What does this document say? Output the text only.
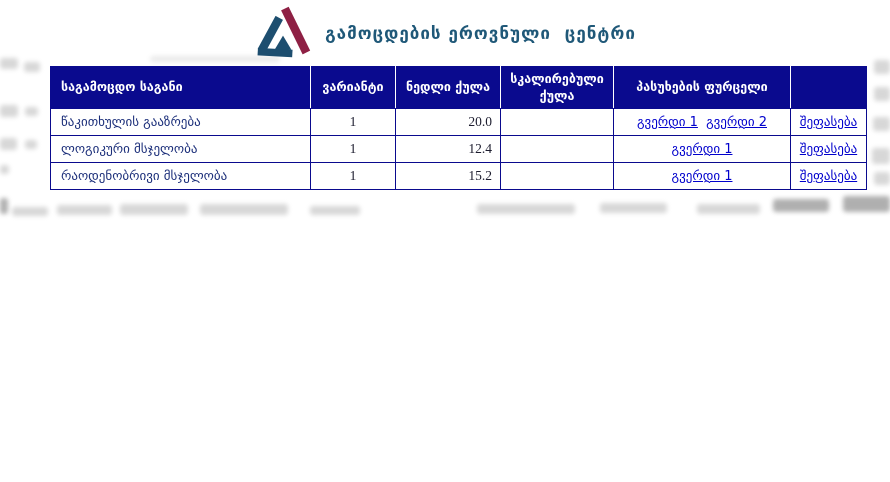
გამოცდების ეროვნული  ცენტრი
საგამოცდო საგანი	ვარიანტი	ნედლი ქულა	სკალირებული ქულა	პასუხების ფურცელი	
წაკითხულის გააზრება	1	20.0		გვერდი 1 გვერდი 2	შეფასება
ლოგიკური მსჯელობა	1	12.4		გვერდი 1	შეფასება
რაოდენობრივი მსჯელობა	1	15.2		გვერდი 1	შეფასება
